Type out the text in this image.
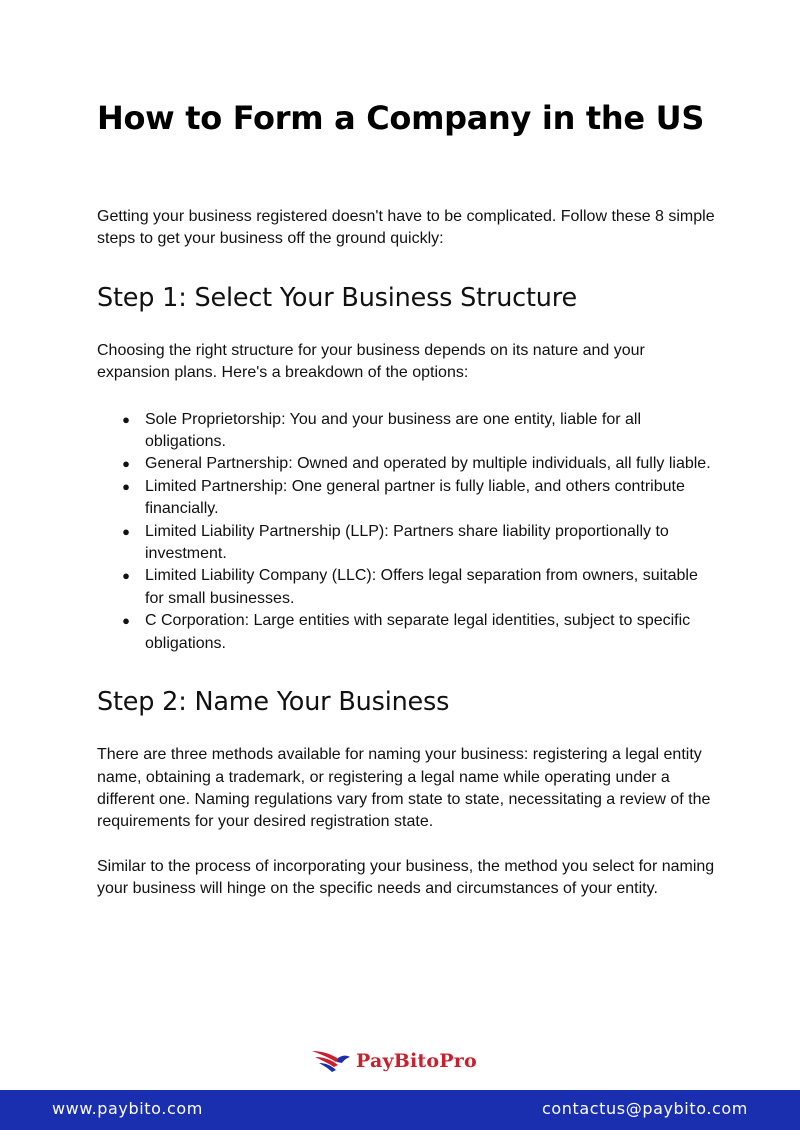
How to Form a Company in the US

Getting your business registered doesn't have to be complicated. Follow these 8 simple steps to get your business off the ground quickly:

Step 1: Select Your Business Structure

Choosing the right structure for your business depends on its nature and your expansion plans. Here's a breakdown of the options:

● Sole Proprietorship: You and your business are one entity, liable for all obligations.
● General Partnership: Owned and operated by multiple individuals, all fully liable.
● Limited Partnership: One general partner is fully liable, and others contribute financially.
● Limited Liability Partnership (LLP): Partners share liability proportionally to investment.
● Limited Liability Company (LLC): Offers legal separation from owners, suitable for small businesses.
● C Corporation: Large entities with separate legal identities, subject to specific obligations.
Step 2: Name Your Business

There are three methods available for naming your business: registering a legal entity name, obtaining a trademark, or registering a legal name while operating under a different one. Naming regulations vary from state to state, necessitating a review of the requirements for your desired registration state.

Similar to the process of incorporating your business, the method you select for naming your business will hinge on the specific needs and circumstances of your entity.

PayBitoPro
www.paybito.com	contactus@paybito.com
